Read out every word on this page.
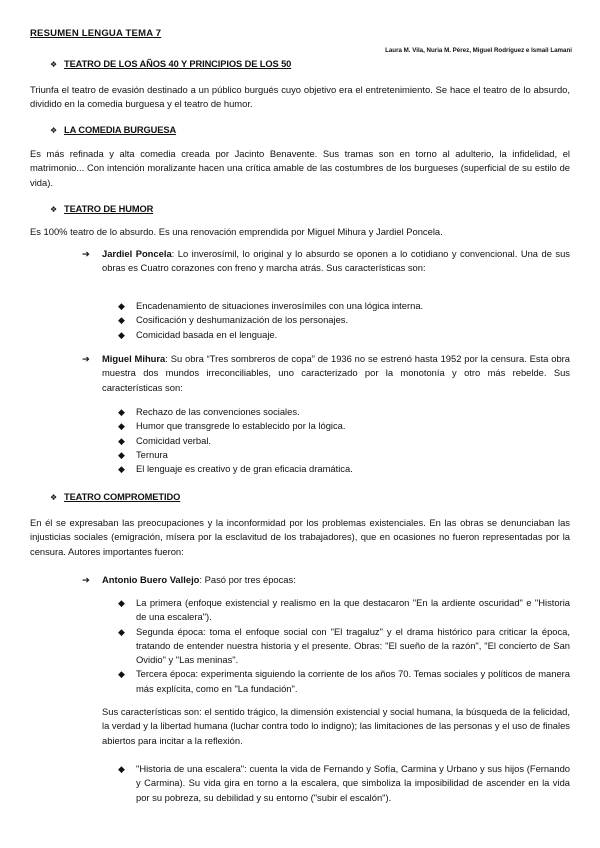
RESUMEN LENGUA TEMA 7
Laura M. Vila, Nuria M. Pérez, Miguel Rodríguez e Ismail Lamani
❖ TEATRO DE LOS AÑOS 40 Y PRINCIPIOS DE LOS 50
Triunfa el teatro de evasión destinado a un público burgués cuyo objetivo era el entretenimiento. Se hace el teatro de lo absurdo, dividido en la comedia burguesa y el teatro de humor.
❖ LA COMEDIA BURGUESA
Es más refinada y alta comedia creada por Jacinto Benavente. Sus tramas son en torno al adulterio, la infidelidad, el matrimonio... Con intención moralizante hacen una crítica amable de las costumbres de los burgueses (superficial de su estilo de vida).
❖ TEATRO DE HUMOR
Es 100% teatro de lo absurdo. Es una renovación emprendida por Miguel Mihura y Jardiel Poncela.
➔ Jardiel Poncela: Lo inverosímil, lo original y lo absurdo se oponen a lo cotidiano y convencional. Una de sus obras es Cuatro corazones con freno y marcha atrás. Sus características son:
◆ Encadenamiento de situaciones inverosímiles con una lógica interna.
◆ Cosificación y deshumanización de los personajes.
◆ Comicidad basada en el lenguaje.
➔ Miguel Mihura: Su obra “Tres sombreros de copa” de 1936 no se estrenó hasta 1952 por la censura. Esta obra muestra dos mundos irreconciliables, uno caracterizado por la monotonía y otro más rebelde. Sus características son:
◆ Rechazo de las convenciones sociales.
◆ Humor que transgrede lo establecido por la lógica.
◆ Comicidad verbal.
◆ Ternura
◆ El lenguaje es creativo y de gran eficacia dramática.
❖ TEATRO COMPROMETIDO
En él se expresaban las preocupaciones y la inconformidad por los problemas existenciales. En las obras se denunciaban las injusticias sociales (emigración, mísera por la esclavitud de los trabajadores), que en ocasiones no fueron representadas por la censura. Autores importantes fueron:
➔ Antonio Buero Vallejo: Pasó por tres épocas:
◆ La primera (enfoque existencial y realismo en la que destacaron "En la ardiente oscuridad" e "Historia de una escalera").
◆ Segunda época: toma el enfoque social con "El tragaluz" y el drama histórico para criticar la época, tratando de entender nuestra historia y el presente. Obras: "El sueño de la razón", "El concierto de San Ovidio" y "Las meninas".
◆ Tercera época: experimenta siguiendo la corriente de los años 70. Temas sociales y políticos de manera más explícita, como en "La fundación".
Sus características son: el sentido trágico, la dimensión existencial y social humana, la búsqueda de la felicidad, la verdad y la libertad humana (luchar contra todo lo indigno); las limitaciones de las personas y el uso de finales abiertos para incitar a la reflexión.
◆ "Historia de una escalera": cuenta la vida de Fernando y Sofía, Carmina y Urbano y sus hijos (Fernando y Carmina). Su vida gira en torno a la escalera, que simboliza la imposibilidad de ascender en la vida por su pobreza, su debilidad y su entorno ("subir el escalón").
